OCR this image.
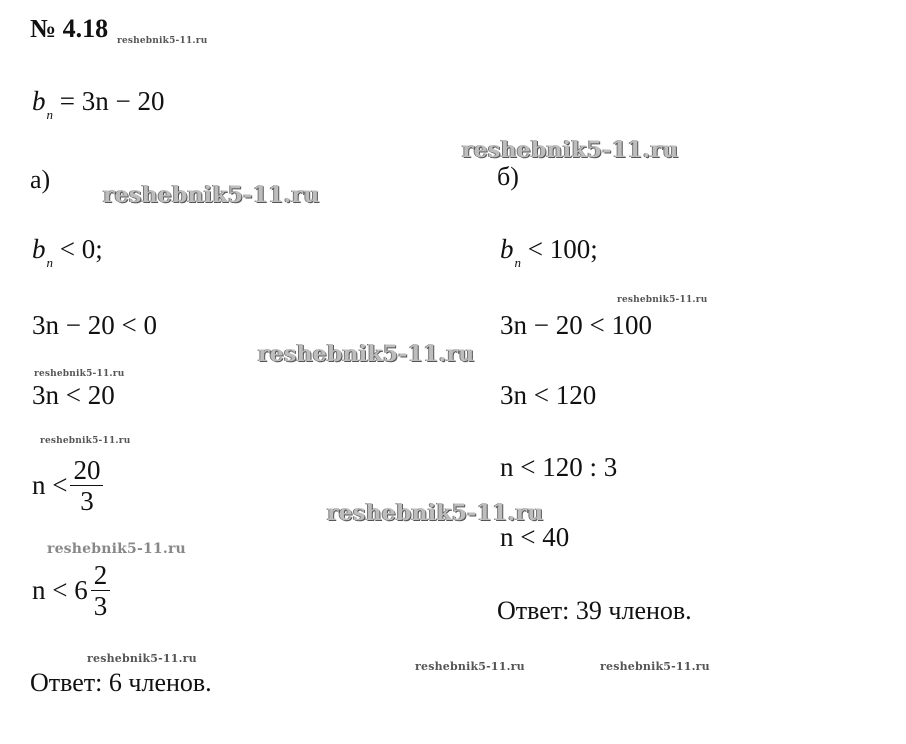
№ 4.18 reshebnik5-11.ru
$b_n = 3n - 20$
а)
$b_n < 0$;
3n − 20 < 0
3n < 20
$n < \frac{20}{3}$
$n < 6 \frac{2}{3}$
Ответ: 6 членов.
б)
$b_n < 100$;
3n − 20 < 100
3n < 120
n < 120 : 3
n < 40
Ответ: 39 членов.
reshebnik5-11.ru
reshebnik5-11.ru
reshebnik5-11.ru
reshebnik5-11.ru
reshebnik5-11.ru
reshebnik5-11.ru
reshebnik5-11.ru
reshebnik5-11.ru
reshebnik5-11.ru
reshebnik5-11.ru	reshebnik5-11.ru
